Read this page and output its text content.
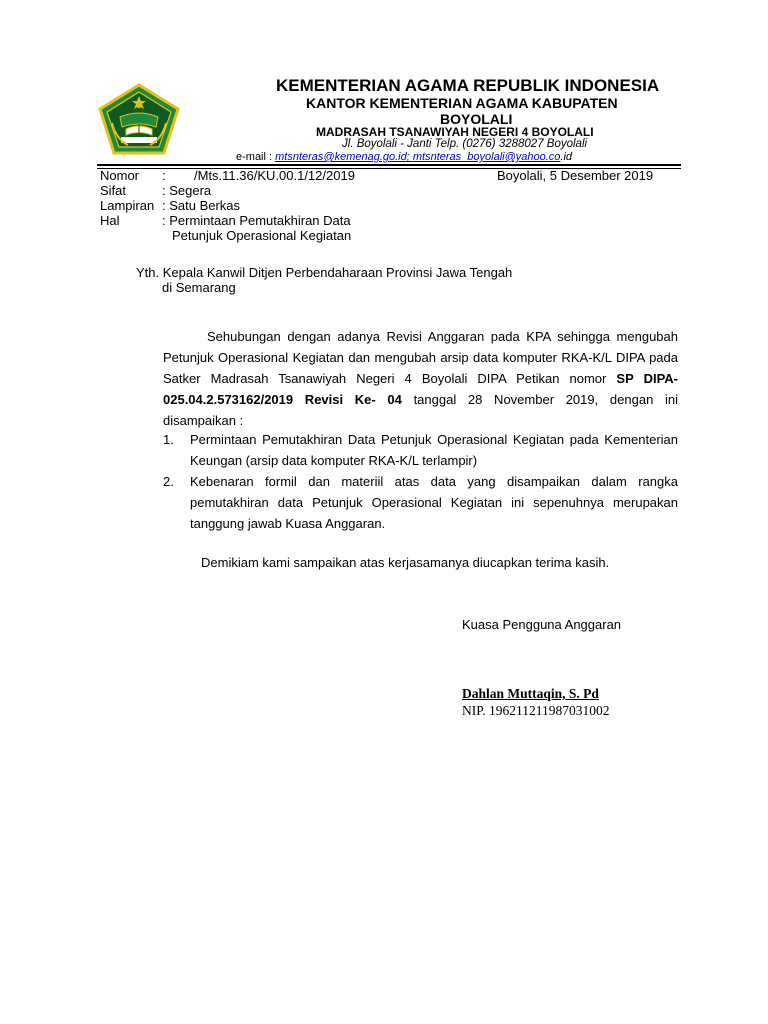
KEMENTERIAN AGAMA REPUBLIK INDONESIA
KANTOR KEMENTERIAN AGAMA KABUPATEN
BOYOLALI
MADRASAH TSANAWIYAH NEGERI 4 BOYOLALI
Jl. Boyolali - Janti Telp. (0276) 3288027 Boyolali
e-mail : mtsnteras@kemenag.go.id; mtsnteras_boyolali@yahoo.co.id
Nomor : /Mts.11.36/KU.00.1/12/2019
Sifat	: Segera
Lampiran : Satu Berkas
Hal	: Permintaan Pemutakhiran Data
Petunjuk Operasional Kegiatan
Boyolali, 5 Desember 2019
Yth. Kepala Kanwil Ditjen Perbendaharaan Provinsi Jawa Tengah
di Semarang
Sehubungan dengan adanya Revisi Anggaran pada KPA sehingga mengubah Petunjuk Operasional Kegiatan dan mengubah arsip data komputer RKA-K/L DIPA pada Satker Madrasah Tsanawiyah Negeri 4 Boyolali DIPA Petikan nomor SP DIPA- 025.04.2.573162/2019 Revisi Ke- 04 tanggal 28 November 2019, dengan ini disampaikan :
1. Permintaan Pemutakhiran Data Petunjuk Operasional Kegiatan pada Kementerian Keungan (arsip data komputer RKA-K/L terlampir)
2. Kebenaran formil dan materiil atas data yang disampaikan dalam rangka pemutakhiran data Petunjuk Operasional Kegiatan ini sepenuhnya merupakan tanggung jawab Kuasa Anggaran.
Demikiam kami sampaikan atas kerjasamanya diucapkan terima kasih.
Kuasa Pengguna Anggaran
Dahlan Muttaqin, S. Pd
NIP. 196211211987031002
